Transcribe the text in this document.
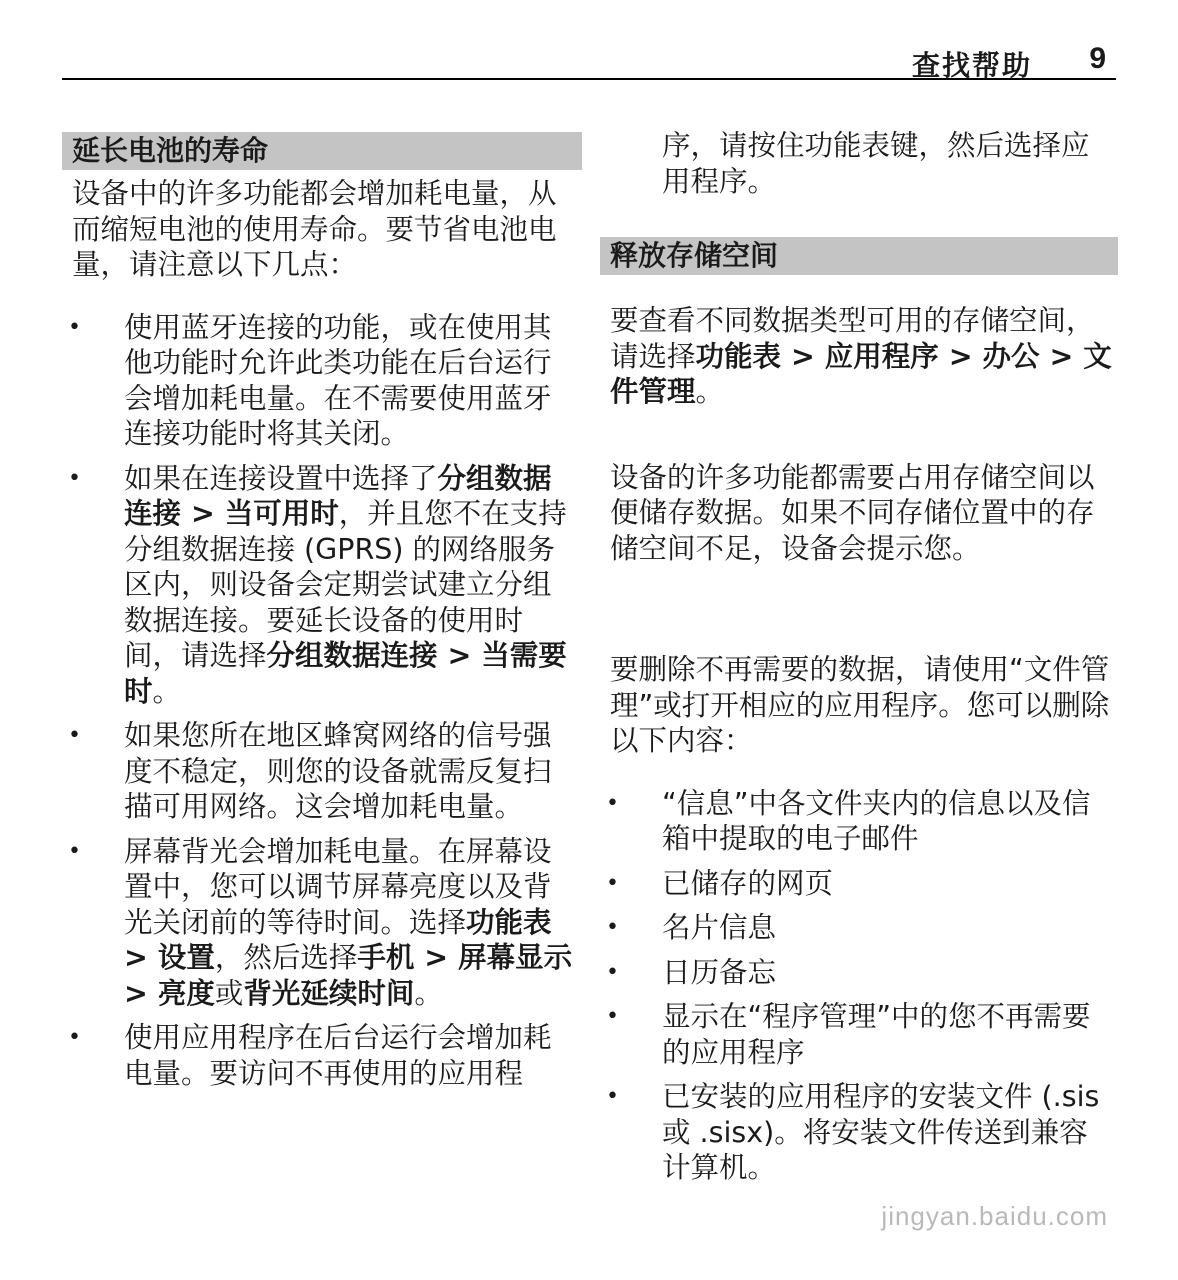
查找帮助 9
延长电池的寿命

设备中的许多功能都会增加耗电量，从而缩短电池的使用寿命。要节省电池电量，请注意以下几点：

• 使用蓝牙连接的功能，或在使用其他功能时允许此类功能在后台运行会增加耗电量。在不需要使用蓝牙连接功能时将其关闭。
• 如果在连接设置中选择了分组数据连接 > 当可用时，并且您不在支持分组数据连接 (GPRS) 的网络服务区内，则设备会定期尝试建立分组数据连接。要延长设备的使用时间，请选择分组数据连接 > 当需要时。
• 如果您所在地区蜂窝网络的信号强度不稳定，则您的设备就需反复扫描可用网络。这会增加耗电量。
• 屏幕背光会增加耗电量。在屏幕设置中，您可以调节屏幕亮度以及背光关闭前的等待时间。选择功能表 > 设置，然后选择手机 > 屏幕显示 > 亮度或背光延续时间。
• 使用应用程序在后台运行会增加耗电量。要访问不再使用的应用程

序，请按住功能表键，然后选择应用程序。

释放存储空间

要查看不同数据类型可用的存储空间，请选择功能表 > 应用程序 > 办公 > 文件管理。

设备的许多功能都需要占用存储空间以便储存数据。如果不同存储位置中的存储空间不足，设备会提示您。

要删除不再需要的数据，请使用“文件管理”或打开相应的应用程序。您可以删除以下内容：

• “信息”中各文件夹内的信息以及信箱中提取的电子邮件
• 已储存的网页
• 名片信息
• 日历备忘
• 显示在“程序管理”中的您不再需要的应用程序
• 已安装的应用程序的安装文件 (.sis 或 .sisx)。将安装文件传送到兼容计算机。
jingyan.baidu.com
